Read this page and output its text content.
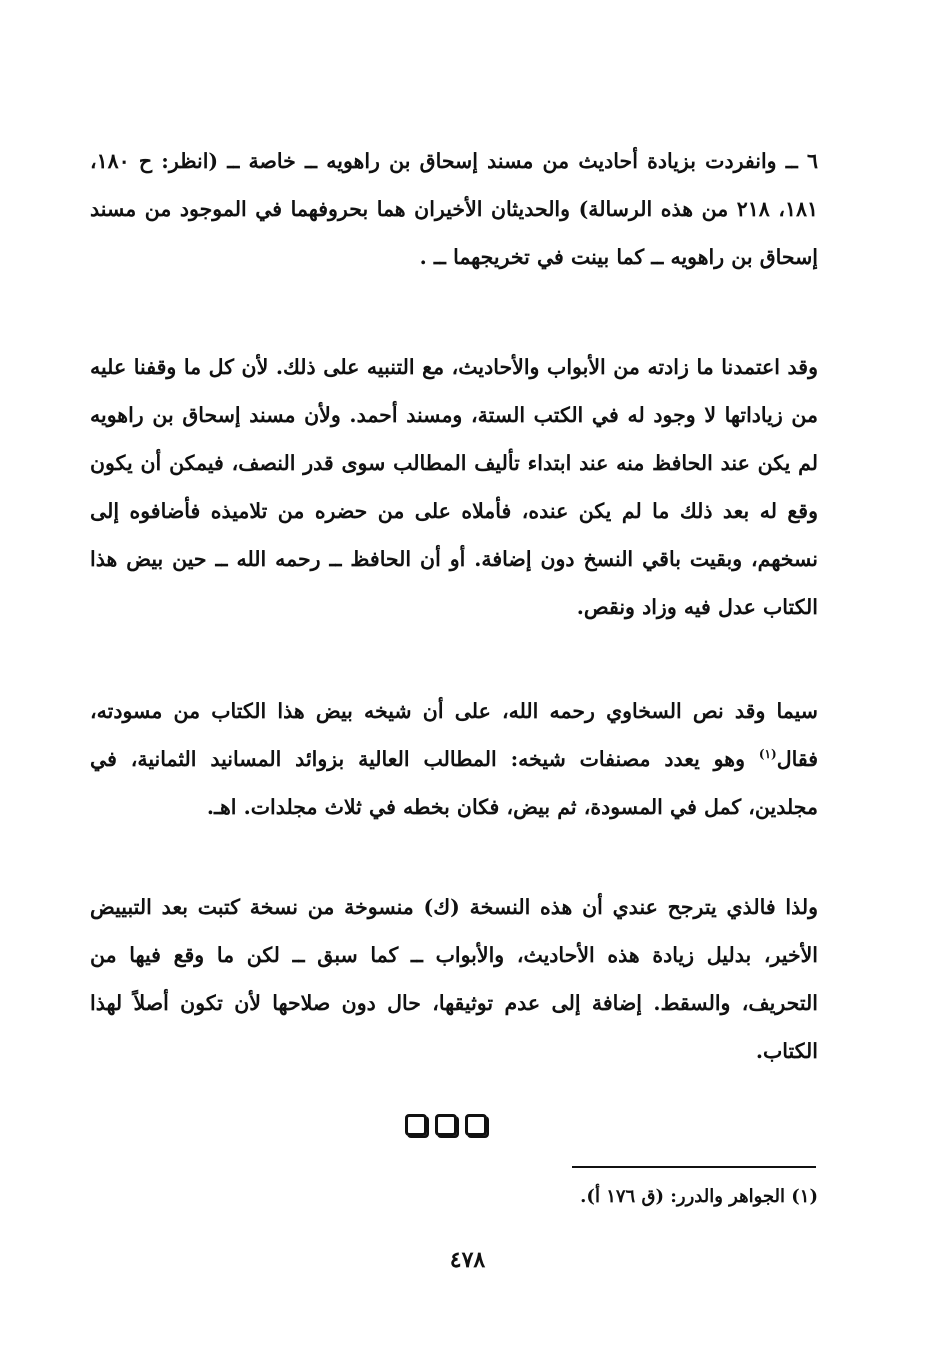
٦ ــ وانفردت بزيادة أحاديث من مسند إسحاق بن راهويه ــ خاصة ــ (انظر: ح ١٨٠، ١٨١، ٢١٨ من هذه الرسالة) والحديثان الأخيران هما بحروفهما في الموجود من مسند إسحاق بن راهويه ــ كما بينت في تخريجهما ــ .

وقد اعتمدنا ما زادته من الأبواب والأحاديث، مع التنبيه على ذلك. لأن كل ما وقفنا عليه من زياداتها لا وجود له في الكتب الستة، ومسند أحمد. ولأن مسند إسحاق بن راهويه لم يكن عند الحافظ منه عند ابتداء تأليف المطالب سوى قدر النصف، فيمكن أن يكون وقع له بعد ذلك ما لم يكن عنده، فأملاه على من حضره من تلاميذه فأضافوه إلى نسخهم، وبقيت باقي النسخ دون إضافة. أو أن الحافظ ــ رحمه الله ــ حين بيض هذا الكتاب عدل فيه وزاد ونقص.

سيما وقد نص السخاوي رحمه الله، على أن شيخه بيض هذا الكتاب من مسودته، فقال$^{(١)}$ وهو يعدد مصنفات شيخه: المطالب العالية بزوائد المسانيد الثمانية، في مجلدين، كمل في المسودة، ثم بيض، فكان بخطه في ثلاث مجلدات. اهـ.

ولذا فالذي يترجح عندي أن هذه النسخة (ك) منسوخة من نسخة كتبت بعد التبييض الأخير، بدليل زيادة هذه الأحاديث، والأبواب ــ كما سبق ــ لكن ما وقع فيها من التحريف، والسقط. إضافة إلى عدم توثيقها، حال دون صلاحها لأن تكون أصلاً لهذا الكتاب.

(١) الجواهر والدرر: (ق ١٧٦ أ).
٤٧٨
